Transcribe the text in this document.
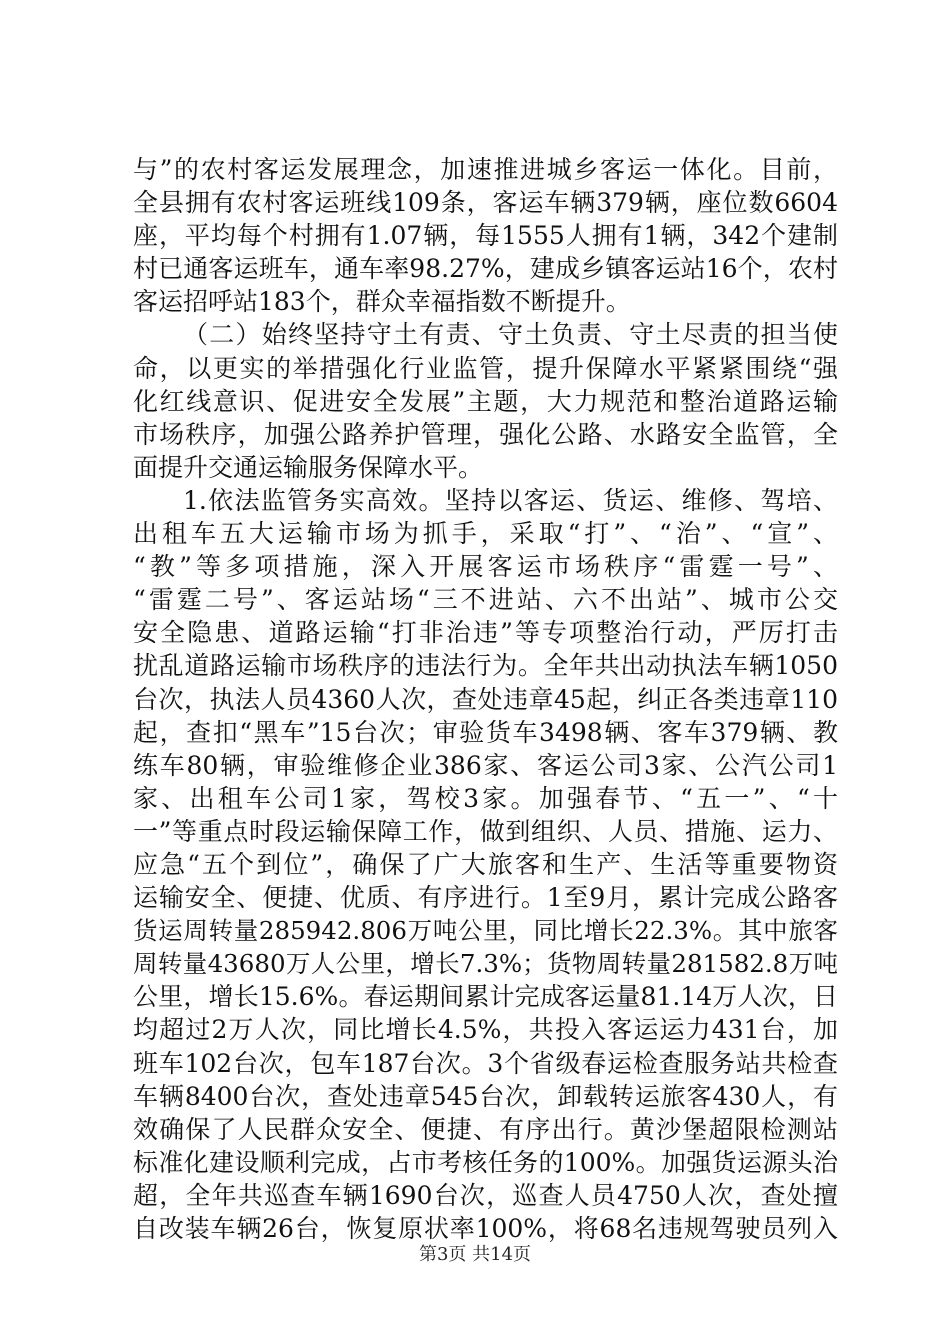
与”的农村客运发展理念，加速推进城乡客运一体化。目前，
全县拥有农村客运班线109条，客运车辆379辆，座位数6604
座，平均每个村拥有1.07辆，每1555人拥有1辆，342个建制
村已通客运班车，通车率98.27%，建成乡镇客运站16个，农村
客运招呼站183个，群众幸福指数不断提升。
（二）始终坚持守土有责、守土负责、守土尽责的担当使
命，以更实的举措强化行业监管，提升保障水平紧紧围绕“强
化红线意识、促进安全发展”主题，大力规范和整治道路运输
市场秩序，加强公路养护管理，强化公路、水路安全监管，全
面提升交通运输服务保障水平。
1.依法监管务实高效。坚持以客运、货运、维修、驾培、
出租车五大运输市场为抓手，采取“打”、“治”、“宣”、
“教”等多项措施，深入开展客运市场秩序“雷霆一号”、
“雷霆二号”、客运站场“三不进站、六不出站”、城市公交
安全隐患、道路运输“打非治违”等专项整治行动，严厉打击
扰乱道路运输市场秩序的违法行为。全年共出动执法车辆1050
台次，执法人员4360人次，查处违章45起，纠正各类违章110
起，查扣“黑车”15台次；审验货车3498辆、客车379辆、教
练车80辆，审验维修企业386家、客运公司3家、公汽公司1
家、出租车公司1家，驾校3家。加强春节、“五一”、“十
一”等重点时段运输保障工作，做到组织、人员、措施、运力、
应急“五个到位”，确保了广大旅客和生产、生活等重要物资
运输安全、便捷、优质、有序进行。1至9月，累计完成公路客
货运周转量285942.806万吨公里，同比增长22.3%。其中旅客
周转量43680万人公里，增长7.3%；货物周转量281582.8万吨
公里，增长15.6%。春运期间累计完成客运量81.14万人次，日
均超过2万人次，同比增长4.5%，共投入客运运力431台，加
班车102台次，包车187台次。3个省级春运检查服务站共检查
车辆8400台次，查处违章545台次，卸载转运旅客430人，有
效确保了人民群众安全、便捷、有序出行。黄沙堡超限检测站
标准化建设顺利完成，占市考核任务的100%。加强货运源头治
超，全年共巡查车辆1690台次，巡查人员4750人次，查处擅
自改装车辆26台，恢复原状率100%，将68名违规驾驶员列入
第3页 共14页
